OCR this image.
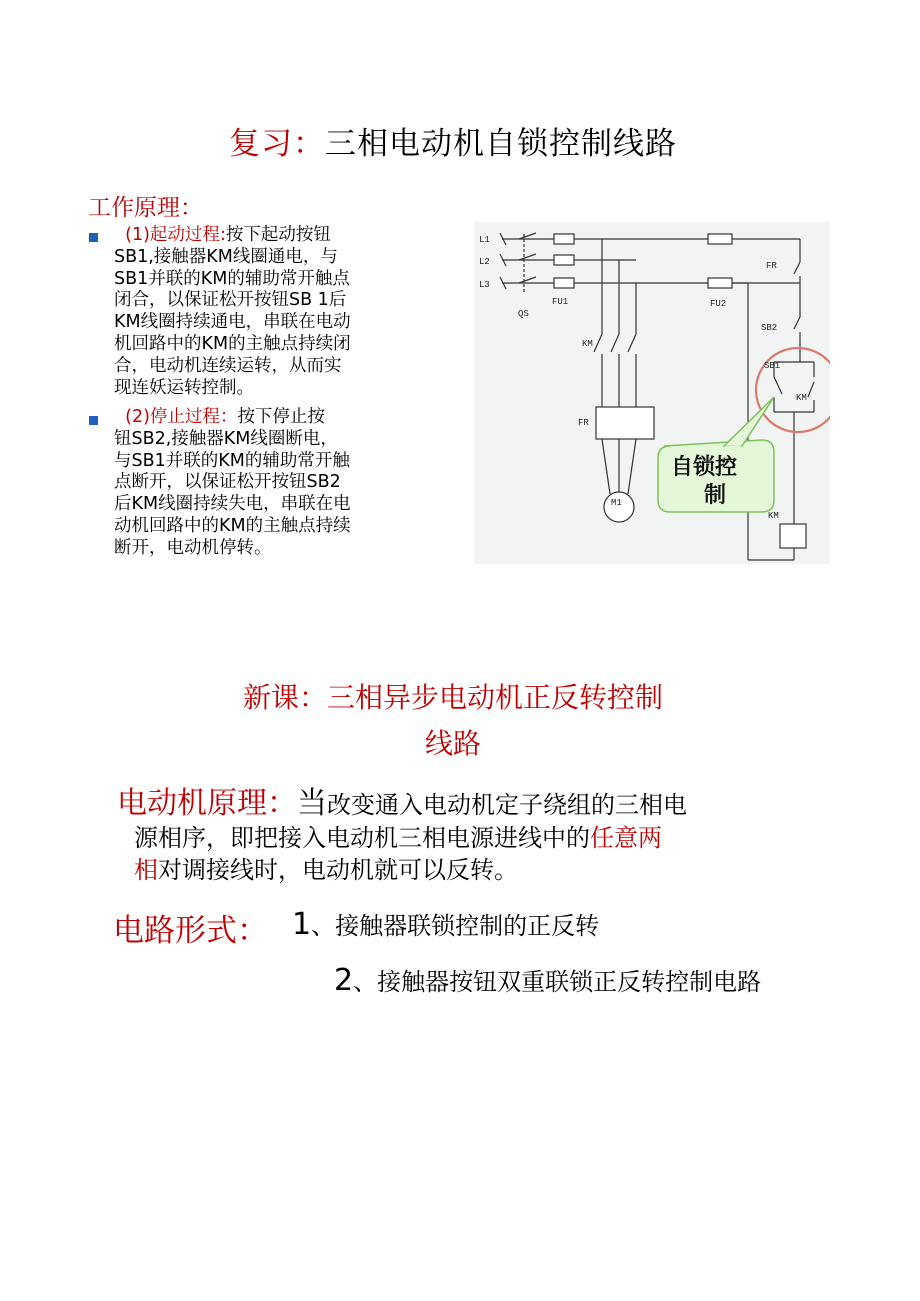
复习：三相电动机自锁控制线路
工作原理：
(1)起动过程:按下起动按钮
SB1,接触器KM线圈通电，与
SB1并联的KM的辅助常开触点
闭合，以保证松开按钮SB 1后
KM线圈持续通电，串联在电动
机回路中的KM的主触点持续闭
合，电动机连续运转，从而实
现连妖运转控制。
(2)停止过程：按下停止按
钮SB2,接触器KM线圈断电，
与SB1并联的KM的辅助常开触
点断开，以保证松开按钮SB2
后KM线圈持续失电，串联在电
动机回路中的KM的主触点持续
断开，电动机停转。
自锁控
制
L1
L2
L3
QS
FU1	FU2
FR
SB2
SB1
KM
KM
FR
M1
KM
新课：三相异步电动机正反转控制
线路
电动机原理：当改变通入电动机定子绕组的三相电
源相序，即把接入电动机三相电源进线中的任意两
相对调接线时，电动机就可以反转。
电路形式： 1、接触器联锁控制的正反转
2、接触器按钮双重联锁正反转控制电路
